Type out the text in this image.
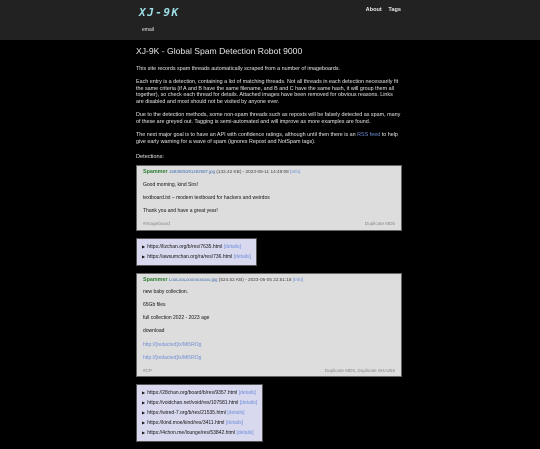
XJ-9K
email
About Tags
XJ-9K - Global Spam Detection Robot 9000

This site records spam threads automatically scraped from a number of imageboards.

Each entry is a detection, containing a list of matching threads. Not all threads in each detection necessarily fit the same criteria (if A and B have the same filename, and B and C have the same hash, it will group them all together), so check each thread for details. Attached images have been removed for obvious reasons. Links are disabled and most should not be visited by anyone ever.

Due to the detection methods, some non-spam threads such as reposts will be falsely detected as spam, many of these are greyed out. Tagging is semi-automated and will improve as more examples are found.

The next major goal is to have an API with confidence ratings, although until then there is an RSS feed to help give early warning for a wave of spam (ignores Repost and NotSpam tags).

Detections:
Spammer 1683605291492587.jpg (132.42 KB) - 2023-05-11 14:49:08 [Info]

Good morning, kind Sirs!

textboard.txt – modern textboard for hackers and weirdos

Thank you and have a great year!

#imageboard	Duplicate MD5
▶ https://lizchan.org/b/res/7635.html [details]
▶ https://awsumchan.org/ra/res/736.html [details]
Spammer LooLooLoooooooooo.jpg (524.52 KB) - 2023-05-05 22:51:18 [Info]

new baby collection.

65Gb files

full collection 2022 - 2023 age

download

http://[redacted]/x/Mi5ROg

http://[redacted]/x/Mi5ROg

#CP	Duplicate MD5, Duplicate SHA256
▶ https://28chan.org/board/b/res/9357.html [details]
▶ https://voidchan.net/void/res/107581.html [details]
▶ https://wired-7.org/b/res/21535.html [details]
▶ https://kind.moe/kind/res/3411.html [details]
▶ https://4chon.me/lounge/res/53842.html [details]
